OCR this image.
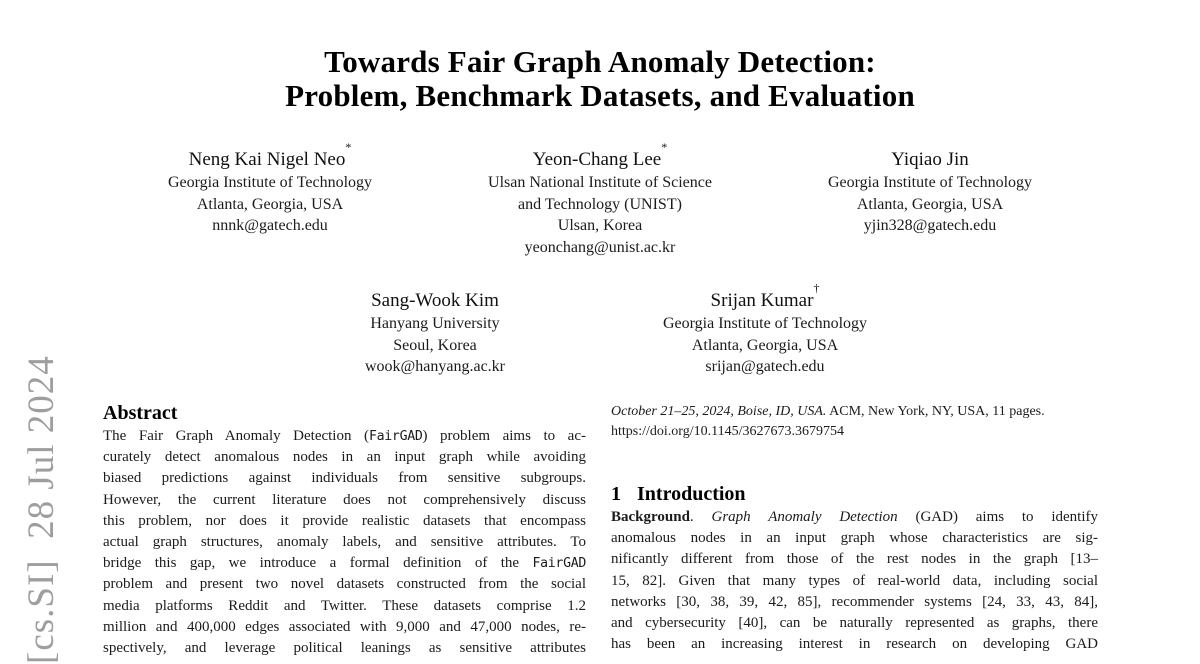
[cs.SI]  28 Jul 2024
Towards Fair Graph Anomaly Detection:
Problem, Benchmark Datasets, and Evaluation
Neng Kai Nigel Neo*
Georgia Institute of Technology
Atlanta, Georgia, USA
nnnk@gatech.edu
Yeon-Chang Lee*
Ulsan National Institute of Science
and Technology (UNIST)
Ulsan, Korea
yeonchang@unist.ac.kr
Yiqiao Jin
Georgia Institute of Technology
Atlanta, Georgia, USA
yjin328@gatech.edu
Sang-Wook Kim
Hanyang University
Seoul, Korea
wook@hanyang.ac.kr
Srijan Kumar†
Georgia Institute of Technology
Atlanta, Georgia, USA
srijan@gatech.edu
Abstract
The Fair Graph Anomaly Detection (FairGAD) problem aims to ac-
curately detect anomalous nodes in an input graph while avoiding
biased predictions against individuals from sensitive subgroups.
However, the current literature does not comprehensively discuss
this problem, nor does it provide realistic datasets that encompass
actual graph structures, anomaly labels, and sensitive attributes. To
bridge this gap, we introduce a formal definition of the FairGAD
problem and present two novel datasets constructed from the social
media platforms Reddit and Twitter. These datasets comprise 1.2
million and 400,000 edges associated with 9,000 and 47,000 nodes, re-
spectively, and leverage political leanings as sensitive attributes
October 21–25, 2024, Boise, ID, USA. ACM, New York, NY, USA, 11 pages.
https://doi.org/10.1145/3627673.3679754
1 Introduction
Background. Graph Anomaly Detection (GAD) aims to identify
anomalous nodes in an input graph whose characteristics are sig-
nificantly different from those of the rest nodes in the graph [13–
15, 82]. Given that many types of real-world data, including social
networks [30, 38, 39, 42, 85], recommender systems [24, 33, 43, 84],
and cybersecurity [40], can be naturally represented as graphs, there
has been an increasing interest in research on developing GAD
